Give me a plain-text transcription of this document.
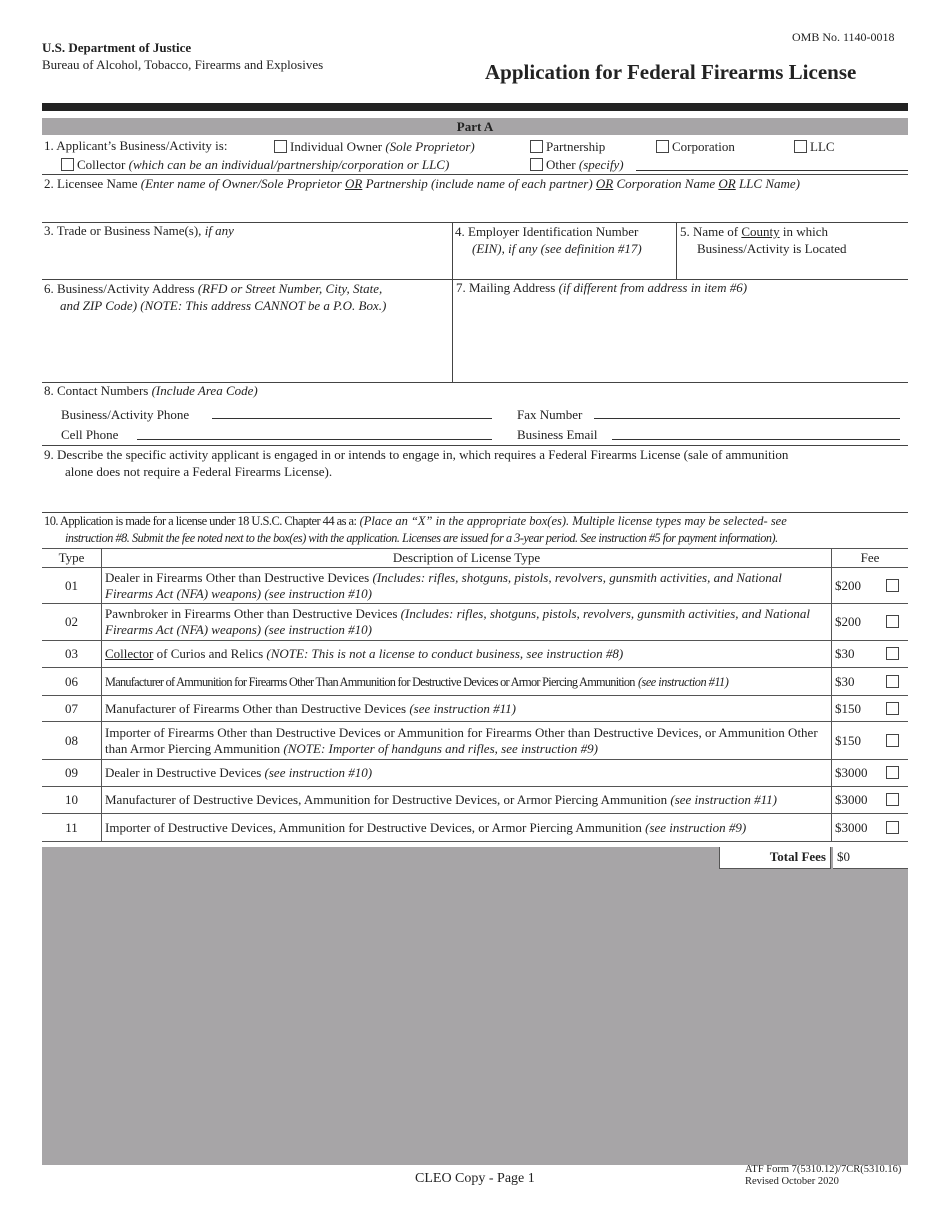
OMB No. 1140-0018
U.S. Department of Justice
Bureau of Alcohol, Tobacco, Firearms and Explosives	Application for Federal Firearms License
Part A
1. Applicant’s Business/Activity is:	Individual Owner (Sole Proprietor)	Partnership	Corporation	LLC
Collector (which can be an individual/partnership/corporation or LLC)	Other (specify)
2. Licensee Name (Enter name of Owner/Sole Proprietor OR Partnership (include name of each partner) OR Corporation Name OR LLC Name)
3. Trade or Business Name(s), if any	4. Employer Identification Number
(EIN), if any (see definition #17)
5. Name of County in which
Business/Activity is Located
6. Business/Activity Address (RFD or Street Number, City, State,
and ZIP Code) (NOTE: This address CANNOT be a P.O. Box.)
7. Mailing Address (if different from address in item #6)
8. Contact Numbers (Include Area Code)
Business/Activity Phone	Fax Number
Cell Phone	Business Email
9. Describe the specific activity applicant is engaged in or intends to engage in, which requires a Federal Firearms License (sale of ammunition
alone does not require a Federal Firearms License).
10. Application is made for a license under 18 U.S.C. Chapter 44 as a: (Place an “X” in the appropriate box(es). Multiple license types may be selected- see
instruction #8. Submit the fee noted next to the box(es) with the application. Licenses are issued for a 3-year period. See instruction #5 for payment information).
Type	Description of License Type	Fee
01	Dealer in Firearms Other than Destructive Devices (Includes: rifles, shotguns, pistols, revolvers, gunsmith activities, and National Firearms Act (NFA) weapons) (see instruction #10)	$200

02	Pawnbroker in Firearms Other than Destructive Devices (Includes: rifles, shotguns, pistols, revolvers, gunsmith activities, and National Firearms Act (NFA) weapons) (see instruction #10)	$200

03	Collector of Curios and Relics (NOTE: This is not a license to conduct business, see instruction #8)	$30

06	Manufacturer of Ammunition for Firearms Other Than Ammunition for Destructive Devices or Armor Piercing Ammunition (see instruction #11)	$30

07	Manufacturer of Firearms Other than Destructive Devices (see instruction #11)	$150

08	Importer of Firearms Other than Destructive Devices or Ammunition for Firearms Other than Destructive Devices, or Ammunition Other than Armor Piercing Ammunition (NOTE: Importer of handguns and rifles, see instruction #9)	$150

09	Dealer in Destructive Devices (see instruction #10)	$3000

10	Manufacturer of Destructive Devices, Ammunition for Destructive Devices, or Armor Piercing Ammunition (see instruction #11)	$3000

11	Importer of Destructive Devices, Ammunition for Destructive Devices, or Armor Piercing Ammunition (see instruction #9)	$3000
Total Fees $0
CLEO Copy - Page 1
ATF Form 7(5310.12)/7CR(5310.16)
Revised October 2020
